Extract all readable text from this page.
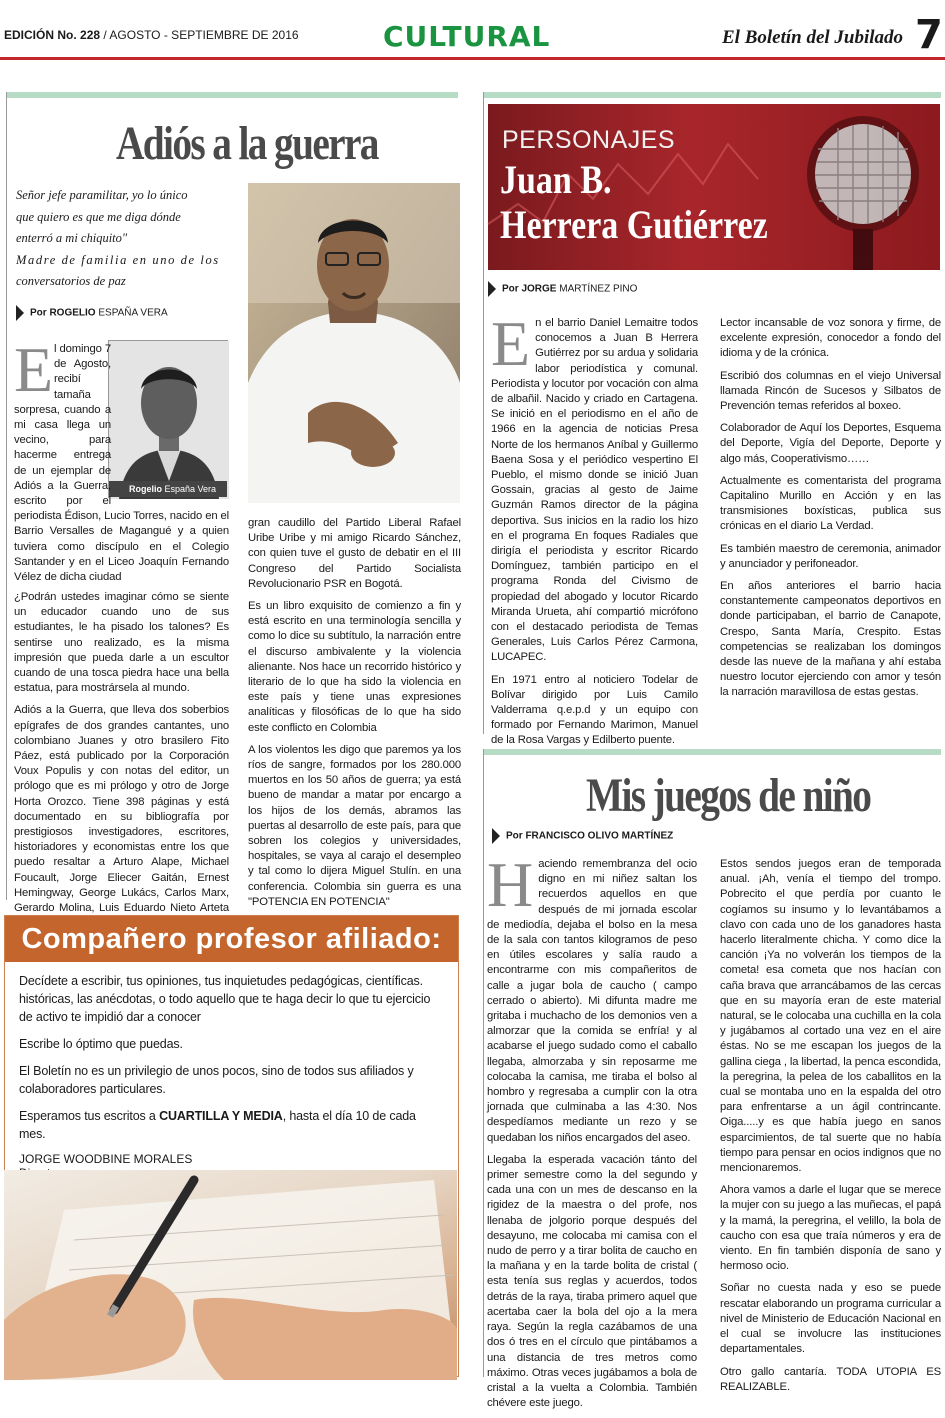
EDICIÓN No. 228 / AGOSTO - SEPTIEMBRE DE 2016	CULTURAL	El Boletín del Jubilado 7
Adiós a la guerra
Señor jefe paramilitar, yo lo único
que quiero es que me diga dónde
enterró a mi chiquito"
Madre de familia en uno de los
conversatorios de paz
Por ROGELIO ESPAÑA VERA
Rogelio España Vera
E l domingo 7 de Agosto, recibí tamaña sorpresa, cuando a mi casa llega un vecino, para hacerme entrega de un ejemplar de Adiós a la Guerra, escrito por el periodista Édison, Lucio Torres, nacido en el Barrio Versalles de Magangué y a quien tuviera como discípulo en el Colegio Santander y en el Liceo Joaquín Fernando Vélez de dicha ciudad

¿Podrán ustedes imaginar cómo se siente un educador cuando uno de sus estudiantes, le ha pisado los talones? Es sentirse uno realizado, es la misma impresión que pueda darle a un escultor cuando de una tosca piedra hace una bella estatua, para mostrársela al mundo.

Adiós a la Guerra, que lleva dos soberbios epígrafes de dos grandes cantantes, uno colombiano Juanes y otro brasilero Fito Páez, está publicado por la Corporación Voux Populis y con notas del editor, un prólogo que es mi prólogo y otro de Jorge Horta Orozco. Tiene 398 páginas y está documentado en su bibliografía por prestigiosos investigadores, escritores, historiadores y economistas entre los que puedo resaltar a Arturo Alape, Michael Foucault, Jorge Eliecer Gaitán, Ernest Hemingway, George Lukács, Carlos Marx, Gerardo Molina, Luis Eduardo Nieto Arteta

gran caudillo del Partido Liberal Rafael Uribe Uribe y mi amigo Ricardo Sánchez, con quien tuve el gusto de debatir en el III Congreso del Partido Socialista Revolucionario PSR en Bogotá.

Es un libro exquisito de comienzo a fin y está escrito en una terminología sencilla y como lo dice su subtítulo, la narración entre el discurso ambivalente y la violencia alienante. Nos hace un recorrido histórico y literario de lo que ha sido la violencia en este país y tiene unas expresiones analíticas y filosóficas de lo que ha sido este conflicto en Colombia

A los violentos les digo que paremos ya los ríos de sangre, formados por los 280.000 muertos en los 50 años de guerra; ya está bueno de mandar a matar por encargo a los hijos de los demás, abramos las puertas al desarrollo de este país, para que sobren los colegios y universidades, hospitales, se vaya al carajo el desempleo y tal como lo dijera Miguel Stulín. en una conferencia. Colombia sin guerra es una "POTENCIA EN POTENCIA"

PERSONAJES
Juan B.
Herrera Gutiérrez
Por JORGE MARTÍNEZ PINO
E n el barrio Daniel Lemaitre todos conocemos a Juan B Herrera Gutiérrez por su ardua y solidaria labor periodística y comunal. Periodista y locutor por vocación con alma de albañil. Nacido y criado en Cartagena. Se inició en el periodismo en el año de 1966 en la agencia de noticias Presa Norte de los hermanos Aníbal y Guillermo Baena Sosa y el periódico vespertino El Pueblo, el mismo donde se inició Juan Gossain, gracias al gesto de Jaime Guzmán Ramos director de la página deportiva. Sus inicios en la radio los hizo en el programa En foques Radiales que dirigía el periodista y escritor Ricardo Domínguez, también participo en el programa Ronda del Civismo de propiedad del abogado y locutor Ricardo Miranda Urueta, ahí compartió micrófono con el destacado periodista de Temas Generales, Luis Carlos Pérez Carmona, LUCAPEC.

En 1971 entro al noticiero Todelar de Bolívar dirigido por Luis Camilo Valderrama q.e.p.d y un equipo con formado por Fernando Marimon, Manuel de la Rosa Vargas y Edilberto puente.

Lector incansable de voz sonora y firme, de excelente expresión, conocedor a fondo del idioma y de la crónica.

Escribió dos columnas en el viejo Universal llamada Rincón de Sucesos y Silbatos de Prevención temas referidos al boxeo.

Colaborador de Aquí los Deportes, Esquema del Deporte, Vigía del Deporte, Deporte y algo más, Cooperativismo……

Actualmente es comentarista del programa Capitalino Murillo en Acción y en las transmisiones boxísticas, publica sus crónicas en el diario La Verdad.

Es también maestro de ceremonia, animador y anunciador y perifoneador.

En años anteriores el barrio hacia constantemente campeonatos deportivos en donde participaban, el barrio de Canapote, Crespo, Santa María, Crespito. Estas competencias se realizaban los domingos desde las nueve de la mañana y ahí estaba nuestro locutor ejerciendo con amor y tesón la narración maravillosa de estas gestas.

Mis juegos de niño
Por FRANCISCO OLIVO MARTÍNEZ
H aciendo remembranza del ocio digno en mi niñez saltan los recuerdos aquellos en que después de mi jornada escolar de mediodía, dejaba el bolso en la mesa de la sala con tantos kilogramos de peso en útiles escolares y salía raudo a encontrarme con mis compañeritos de calle a jugar bola de caucho ( campo cerrado o abierto). Mi difunta madre me gritaba i muchacho de los demonios ven a almorzar que la comida se enfría! y al acabarse el juego sudado como el caballo llegaba, almorzaba y sin reposarme me colocaba la camisa, me tiraba el bolso al hombro y regresaba a cumplir con la otra jornada que culminaba a las 4:30. Nos despedíamos mediante un rezo y se quedaban los niños encargados del aseo.

Llegaba la esperada vacación tánto del primer semestre como la del segundo y cada una con un mes de descanso en la rigidez de la maestra o del profe, nos llenaba de jolgorio porque después del desayuno, me colocaba mi camisa con el nudo de perro y a tirar bolita de caucho en la mañana y en la tarde bolita de cristal ( esta tenía sus reglas y acuerdos, todos detrás de la raya, tiraba primero aquel que acertaba caer la bola del ojo a la mera raya. Según la regla cazábamos de una dos ó tres en el círculo que pintábamos a una distancia de tres metros como máximo. Otras veces jugábamos a bola de cristal a la vuelta a Colombia. También chévere este juego.

Estos sendos juegos eran de temporada anual. ¡Ah, venía el tiempo del trompo. Pobrecito el que perdía por cuanto le cogíamos su insumo y lo levantábamos a clavo con cada uno de los ganadores hasta hacerlo literalmente chicha. Y como dice la canción ¡Ya no volverán los tiempos de la cometa! esa cometa que nos hacían con caña brava que arrancábamos de las cercas que en su mayoría eran de este material natural, se le colocaba una cuchilla en la cola y jugábamos al cortado una vez en el aire éstas. No se me escapan los juegos de la gallina ciega , la libertad, la penca escondida, la peregrina, la pelea de los caballitos en la cual se montaba uno en la espalda del otro para enfrentarse a un ágil contrincante. Oiga.....y es que había juego en sanos esparcimientos, de tal suerte que no había tiempo para pensar en ocios indignos que no mencionaremos.

Ahora vamos a darle el lugar que se merece la mujer con su juego a las muñecas, el papá y la mamá, la peregrina, el velillo, la bola de caucho con esa que traía números y era de viento. En fin también disponía de sano y hermoso ocio.

Soñar no cuesta nada y eso se puede rescatar elaborando un programa curricular a nivel de Ministerio de Educación Nacional en el cual se involucre las instituciones departamentales.

Otro gallo cantaría. TODA UTOPIA ES REALIZABLE.

Compañero profesor afiliado:

Decídete a escribir, tus opiniones, tus inquietudes pedagógicas, científicas. históricas, las anécdotas, o todo aquello que te haga decir lo que tu ejercicio de activo te impidió dar a conocer

Escribe lo óptimo que puedas.

El Boletín no es un privilegio de unos pocos, sino de todos sus afiliados y colaboradores particulares.

Esperamos tus escritos a CUARTILLA Y MEDIA, hasta el día 10 de cada mes.

JORGE WOODBINE MORALES
